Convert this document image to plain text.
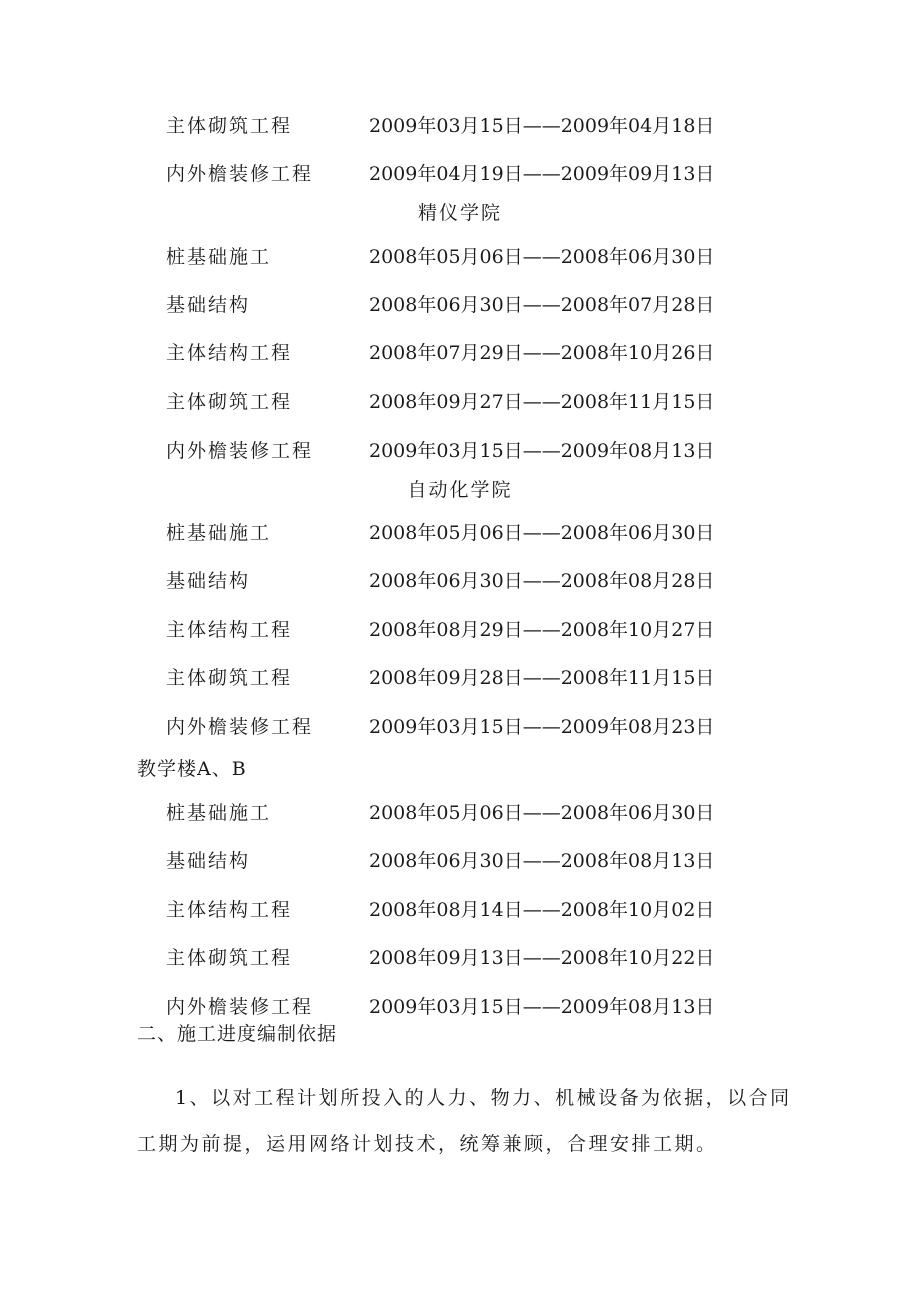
主体砌筑工程	2009年03月15日——2009年04月18日
内外檐装修工程	2009年04月19日——2009年09月13日
精仪学院
桩基础施工	2008年05月06日——2008年06月30日
基础结构	2008年06月30日——2008年07月28日
主体结构工程	2008年07月29日——2008年10月26日
主体砌筑工程	2008年09月27日——2008年11月15日
内外檐装修工程	2009年03月15日——2009年08月13日
自动化学院
桩基础施工	2008年05月06日——2008年06月30日
基础结构	2008年06月30日——2008年08月28日
主体结构工程	2008年08月29日——2008年10月27日
主体砌筑工程	2008年09月28日——2008年11月15日
内外檐装修工程	2009年03月15日——2009年08月23日
教学楼A、B
桩基础施工	2008年05月06日——2008年06月30日
基础结构	2008年06月30日——2008年08月13日
主体结构工程	2008年08月14日——2008年10月02日
主体砌筑工程	2008年09月13日——2008年10月22日
内外檐装修工程	2009年03月15日——2009年08月13日
二、施工进度编制依据
1、以对工程计划所投入的人力、物力、机械设备为依据，以合同工期为前提，运用网络计划技术，统筹兼顾，合理安排工期。
